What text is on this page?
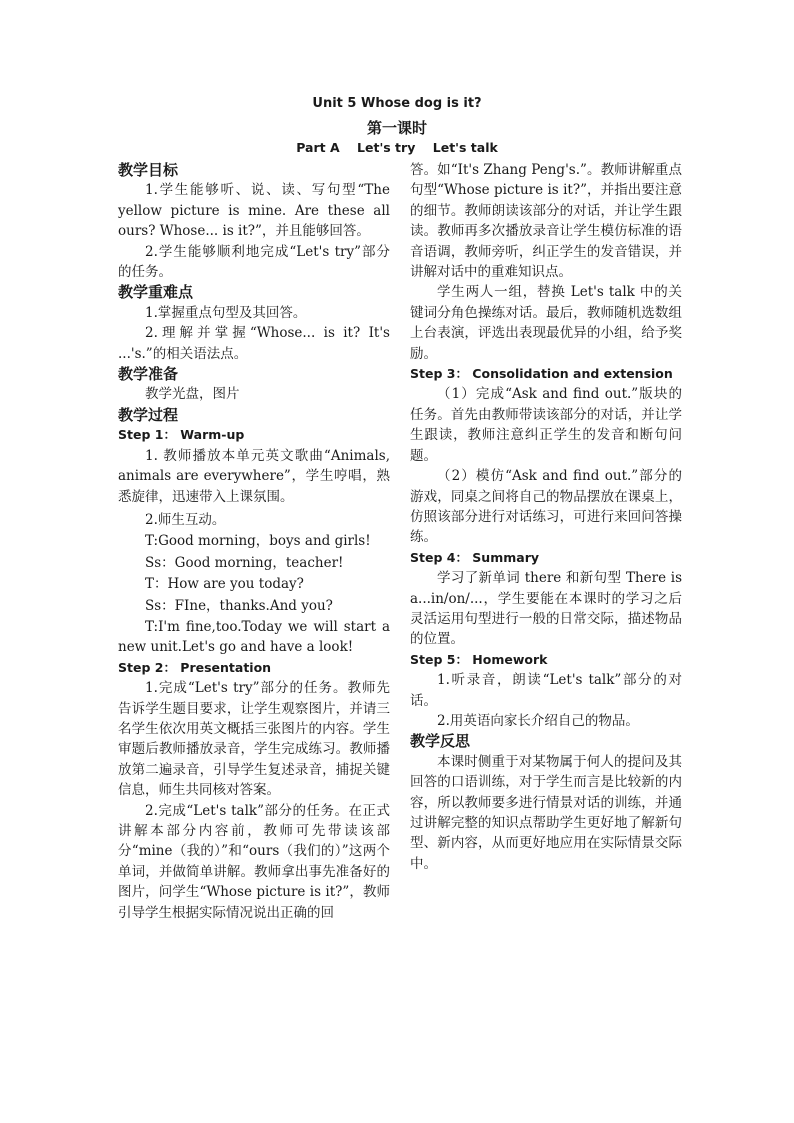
Unit 5 Whose dog is it?
第一课时
Part A    Let's try    Let's talk

教学目标

1.学生能够听、说、读、写句型“The yellow picture is mine. Are these all ours? Whose... is it?”，并且能够回答。

2.学生能够顺利地完成“Let's try”部分的任务。

教学重难点

1.掌握重点句型及其回答。

2.理解并掌握“Whose... is it? It's ...'s.”的相关语法点。

教学准备

教学光盘，图片

教学过程

Step 1： Warm-up

1. 教师播放本单元英文歌曲“Animals, animals are everywhere”，学生哼唱，熟悉旋律，迅速带入上课氛围。

2.师生互动。

T:Good morning，boys and girls!

Ss：Good morning，teacher!

T：How are you today?

Ss：FIne，thanks.And you?

T:I'm fine,too.Today we will start a new unit.Let's go and have a look!

Step 2： Presentation

1.完成“Let's try”部分的任务。教师先告诉学生题目要求，让学生观察图片，并请三名学生依次用英文概括三张图片的内容。学生审题后教师播放录音，学生完成练习。教师播放第二遍录音，引导学生复述录音，捕捉关键信息，师生共同核对答案。

2.完成“Let's talk”部分的任务。在正式讲解本部分内容前，教师可先带读该部分“mine（我的）”和“ours（我们的）”这两个单词，并做简单讲解。教师拿出事先准备好的图片，问学生“Whose picture is it?”，教师引导学生根据实际情况说出正确的回

答。如“It's Zhang Peng's.”。教师讲解重点句型“Whose picture is it?”，并指出要注意的细节。教师朗读该部分的对话，并让学生跟读。教师再多次播放录音让学生模仿标准的语音语调，教师旁听，纠正学生的发音错误，并讲解对话中的重难知识点。

学生两人一组，替换 Let's talk 中的关键词分角色操练对话。最后，教师随机选数组上台表演，评选出表现最优异的小组，给予奖励。

Step 3： Consolidation and extension

（1）完成“Ask and find out.”版块的任务。首先由教师带读该部分的对话，并让学生跟读，教师注意纠正学生的发音和断句问题。

（2）模仿“Ask and find out.”部分的游戏，同桌之间将自己的物品摆放在课桌上，仿照该部分进行对话练习，可进行来回问答操练。

Step 4： Summary

学习了新单词 there 和新句型 There is a...in/on/...，学生要能在本课时的学习之后灵活运用句型进行一般的日常交际，描述物品的位置。

Step 5： Homework

1.听录音，朗读“Let's talk”部分的对话。

2.用英语向家长介绍自己的物品。

教学反思

本课时侧重于对某物属于何人的提问及其回答的口语训练，对于学生而言是比较新的内容，所以教师要多进行情景对话的训练，并通过讲解完整的知识点帮助学生更好地了解新句型、新内容，从而更好地应用在实际情景交际中。
